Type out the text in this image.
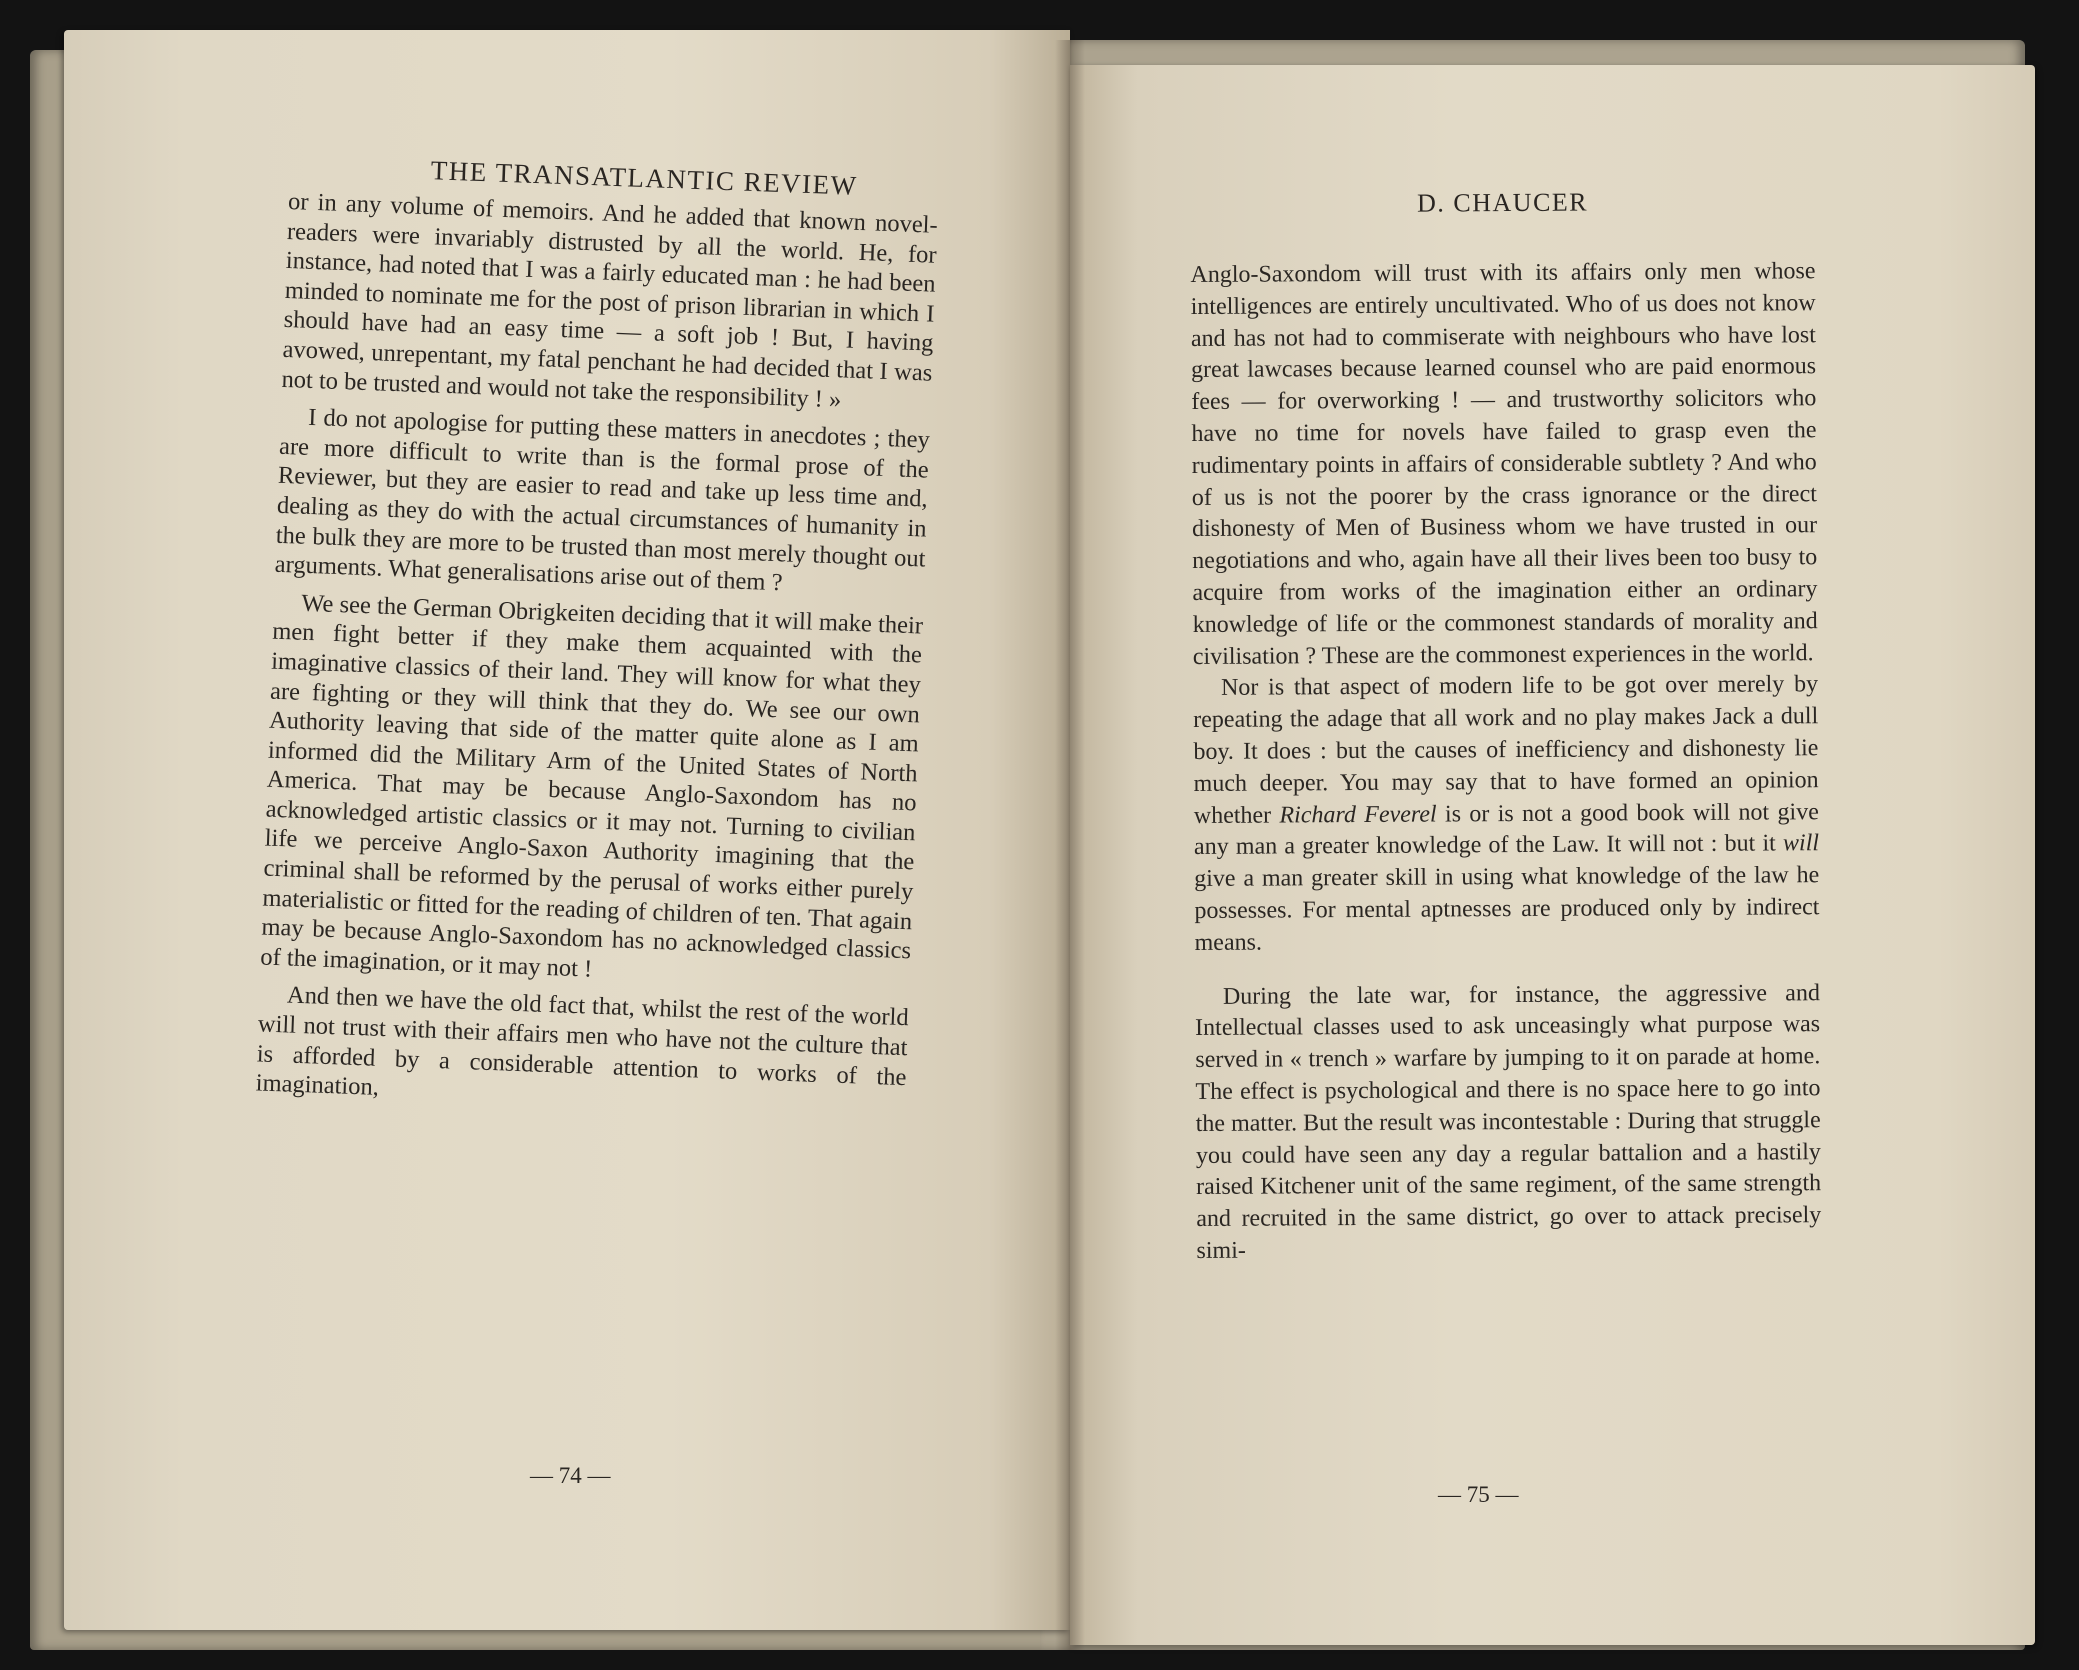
THE TRANSATLANTIC REVIEW

or in any volume of memoirs. And he added that known novel-readers were invariably distrusted by all the world. He, for instance, had noted that I was a fairly educated man : he had been minded to nominate me for the post of prison librarian in which I should have had an easy time — a soft job ! But, I having avowed, unrepentant, my fatal penchant he had decided that I was not to be trusted and would not take the responsibility ! »

I do not apologise for putting these matters in anecdotes ; they are more difficult to write than is the formal prose of the Reviewer, but they are easier to read and take up less time and, dealing as they do with the actual circumstances of humanity in the bulk they are more to be trusted than most merely thought out arguments. What generalisations arise out of them ?

We see the German Obrigkeiten deciding that it will make their men fight better if they make them acquainted with the imaginative classics of their land. They will know for what they are fighting or they will think that they do. We see our own Authority leaving that side of the matter quite alone as I am informed did the Military Arm of the United States of North America. That may be because Anglo-Saxondom has no acknowledged artistic classics or it may not. Turning to civilian life we perceive Anglo-Saxon Authority imagining that the criminal shall be reformed by the perusal of works either purely materialistic or fitted for the reading of children of ten. That again may be because Anglo-Saxondom has no acknowledged classics of the imagination, or it may not !

And then we have the old fact that, whilst the rest of the world will not trust with their affairs men who have not the culture that is afforded by a considerable attention to works of the imagination,

— 74 —
D. CHAUCER

Anglo-Saxondom will trust with its affairs only men whose intelligences are entirely uncultivated. Who of us does not know and has not had to commiserate with neighbours who have lost great lawcases because learned counsel who are paid enormous fees — for overworking ! — and trustworthy solicitors who have no time for novels have failed to grasp even the rudimentary points in affairs of considerable subtlety ? And who of us is not the poorer by the crass ignorance or the direct dishonesty of Men of Business whom we have trusted in our negotiations and who, again have all their lives been too busy to acquire from works of the imagination either an ordinary knowledge of life or the commonest standards of morality and civilisation ? These are the commonest experiences in the world.

Nor is that aspect of modern life to be got over merely by repeating the adage that all work and no play makes Jack a dull boy. It does : but the causes of inefficiency and dishonesty lie much deeper. You may say that to have formed an opinion whether Richard Feverel is or is not a good book will not give any man a greater knowledge of the Law. It will not : but it will give a man greater skill in using what knowledge of the law he possesses. For mental aptnesses are produced only by indirect means.

During the late war, for instance, the aggressive and Intellectual classes used to ask unceasingly what purpose was served in « trench » warfare by jumping to it on parade at home. The effect is psychological and there is no space here to go into the matter. But the result was incontestable : During that struggle you could have seen any day a regular battalion and a hastily raised Kitchener unit of the same regiment, of the same strength and recruited in the same district, go over to attack precisely simi-

— 75 —
